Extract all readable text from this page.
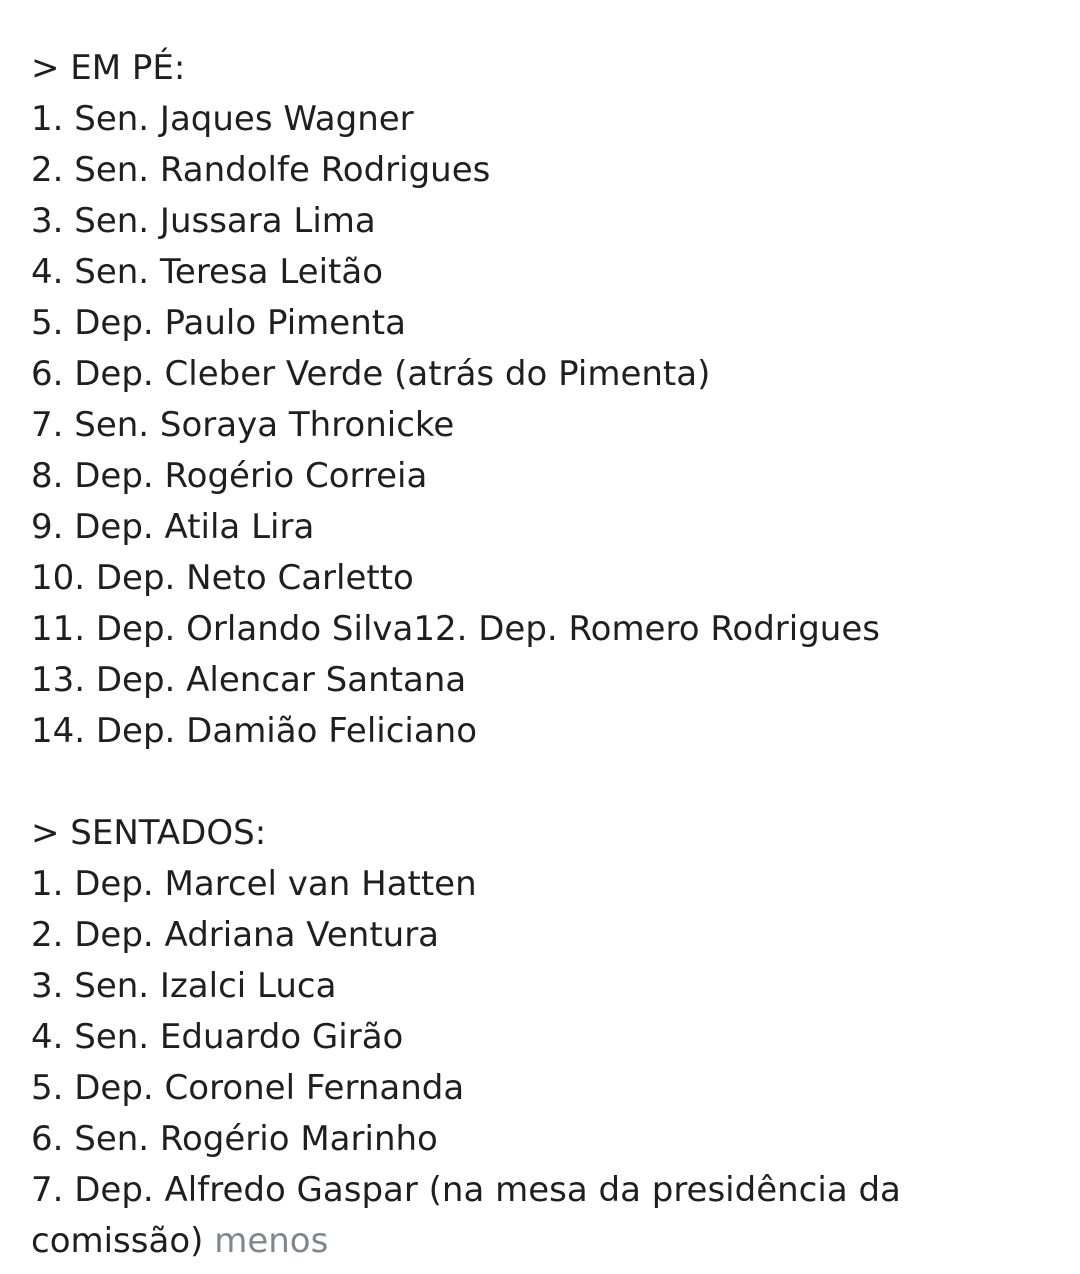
> EM PÉ:
1. Sen. Jaques Wagner
2. Sen. Randolfe Rodrigues
3. Sen. Jussara Lima
4. Sen. Teresa Leitão
5. Dep. Paulo Pimenta
6. Dep. Cleber Verde (atrás do Pimenta)
7. Sen. Soraya Thronicke
8. Dep. Rogério Correia
9. Dep. Atila Lira
10. Dep. Neto Carletto
11. Dep. Orlando Silva12. Dep. Romero Rodrigues
13. Dep. Alencar Santana
14. Dep. Damião Feliciano
> SENTADOS:
1. Dep. Marcel van Hatten
2. Dep. Adriana Ventura
3. Sen. Izalci Luca
4. Sen. Eduardo Girão
5. Dep. Coronel Fernanda
6. Sen. Rogério Marinho
7. Dep. Alfredo Gaspar (na mesa da presidência da
comissão) menos
